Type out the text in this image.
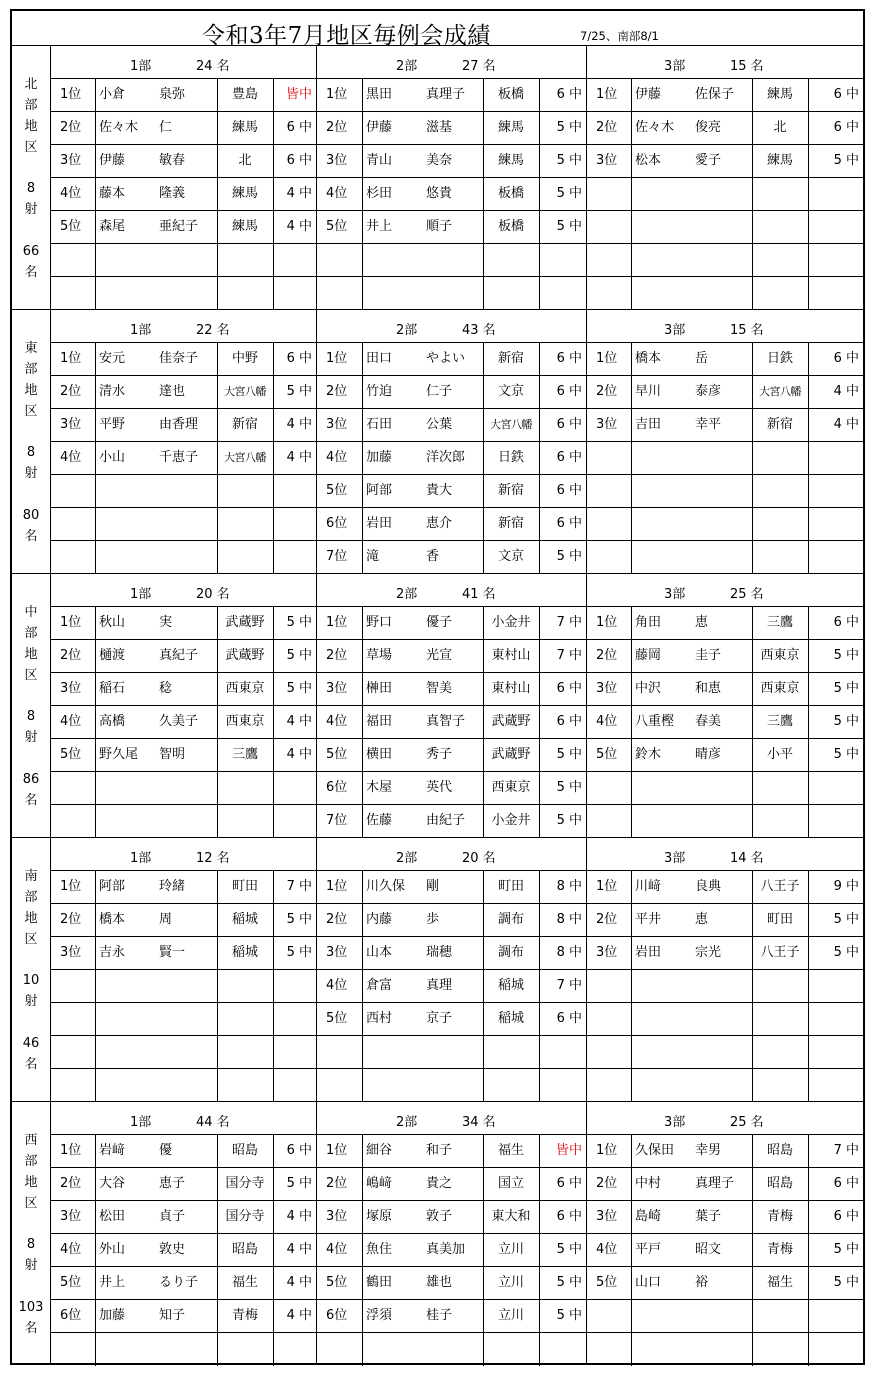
令和3年7月地区毎例会成績	7/25、南部8/1
北
部
地
区
8
射
66
名
1部	24 名
1位 小倉	泉弥	豊島	皆中
2位 佐々木 仁	練馬	6 中
3位 伊藤	敏春	北	6 中
4位 藤本	隆義	練馬	4 中
5位 森尾	亜紀子	練馬	4 中
2部	27 名
1位 黒田	真理子	板橋	6 中
2位 伊藤	滋基	練馬	5 中
3位 青山	美奈	練馬	5 中
4位 杉田	悠貴	板橋	5 中
5位 井上	順子	板橋	5 中
3部	15 名
1位 伊藤	佐保子	練馬	6 中
2位 佐々木 俊亮	北	6 中
3位 松本	愛子	練馬	5 中
東
部
地
区
8
射
80
名
1部	22 名
1位 安元	佳奈子	中野	6 中
2位 清水	達也	大宮八幡	5 中
3位 平野	由香理	新宿	4 中
4位 小山	千恵子	大宮八幡	4 中
2部	43 名
1位 田口	やよい	新宿	6 中
2位 竹迫	仁子	文京	6 中
3位 石田	公葉	大宮八幡	6 中
4位 加藤	洋次郎	日鉄	6 中
5位 阿部	貴大	新宿	6 中
6位 岩田	恵介	新宿	6 中
7位 滝	香	文京	5 中
3部	15 名
1位 橋本	岳	日鉄	6 中
2位 早川	泰彦	大宮八幡	4 中
3位 吉田	幸平	新宿	4 中
中
部
地
区
8
射
86
名
1部	20 名
1位 秋山	実	武蔵野	5 中
2位 樋渡	真紀子	武蔵野	5 中
3位 稲石	稔	西東京	5 中
4位 高橋	久美子	西東京	4 中
5位 野久尾 智明	三鷹	4 中
2部	41 名
1位 野口	優子	小金井	7 中
2位 草場	光宣	東村山	7 中
3位 榊田	智美	東村山	6 中
4位 福田	真智子	武蔵野	6 中
5位 横田	秀子	武蔵野	5 中
6位 木屋	英代	西東京	5 中
7位 佐藤	由紀子	小金井	5 中
3部	25 名
1位 角田	恵	三鷹	6 中
2位 藤岡	圭子	西東京	5 中
3位 中沢	和恵	西東京	5 中
4位 八重樫 春美	三鷹	5 中
5位 鈴木	晴彦	小平	5 中
南
部
地
区
10
射
46
名
1部	12 名
1位 阿部	玲緒	町田	7 中
2位 橋本	周	稲城	5 中
3位 吉永	賢一	稲城	5 中
2部	20 名
1位 川久保 剛	町田	8 中
2位 内藤	歩	調布	8 中
3位 山本	瑞穂	調布	8 中
4位 倉富	真理	稲城	7 中
5位 西村	京子	稲城	6 中
3部	14 名
1位 川﨑	良典	八王子	9 中
2位 平井	恵	町田	5 中
3位 岩田	宗光	八王子	5 中
西
部
地
区
8
射
103
名
1部	44 名
1位 岩﨑	優	昭島	6 中
2位 大谷	恵子	国分寺	5 中
3位 松田	貞子	国分寺	4 中
4位 外山	敦史	昭島	4 中
5位 井上	るり子	福生	4 中
6位 加藤	知子	青梅	4 中
2部	34 名
1位 細谷	和子	福生	皆中
2位 嶋﨑	貴之	国立	6 中
3位 塚原	敦子	東大和	6 中
4位 魚住	真美加	立川	5 中
5位 鶴田	雄也	立川	5 中
6位 浮須	桂子	立川	5 中
3部	25 名
1位 久保田 幸男	昭島	7 中
2位 中村	真理子	昭島	6 中
3位 島崎	葉子	青梅	6 中
4位 平戸	昭文	青梅	5 中
5位 山口	裕	福生	5 中
